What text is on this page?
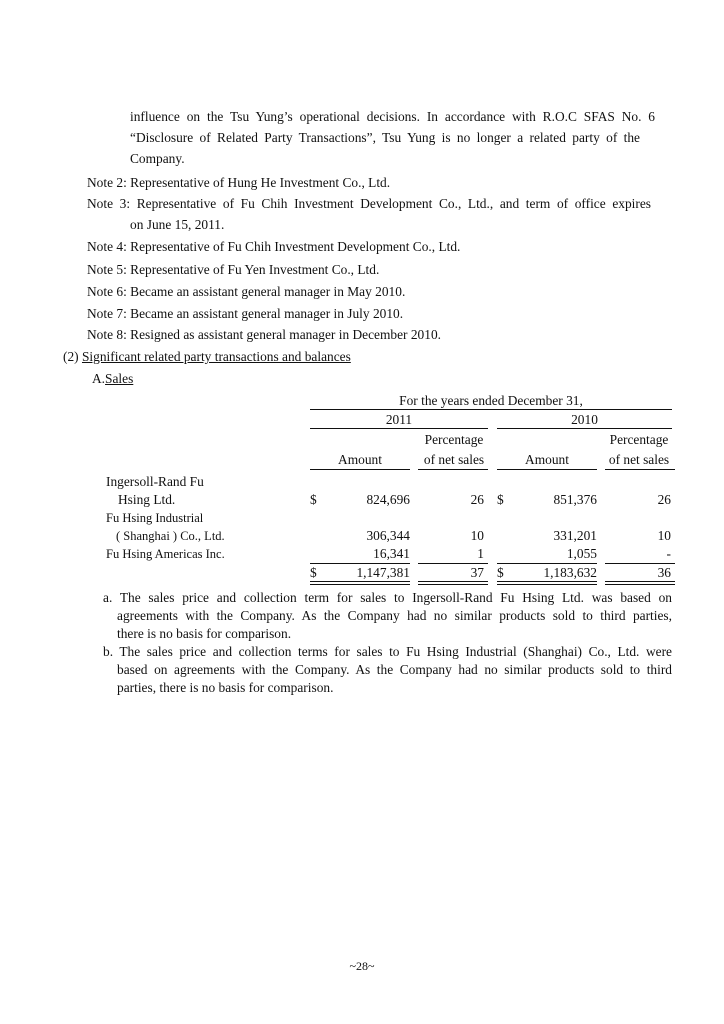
influence on the Tsu Yung’s operational decisions. In accordance with R.O.C SFAS No. 6
“Disclosure of Related Party Transactions”, Tsu Yung is no longer a related party of the
Company.
Note 2: Representative of Hung He Investment Co., Ltd.
Note 3: Representative of Fu Chih Investment Development Co., Ltd., and term of office expires
on June 15, 2011.
Note 4: Representative of Fu Chih Investment Development Co., Ltd.
Note 5: Representative of Fu Yen Investment Co., Ltd.
Note 6: Became an assistant general manager in May 2010.
Note 7: Became an assistant general manager in July 2010.
Note 8: Resigned as assistant general manager in December 2010.
(2) Significant related party transactions and balances
A.Sales
For the years ended December 31,
2011	2010
Percentage	Percentage
Amount	of net sales	Amount	of net sales
Ingersoll-Rand Fu
Hsing Ltd.	$	824,696	26 $	851,376	26
Fu Hsing Industrial
( Shanghai ) Co., Ltd.	306,344	10	331,201	10
Fu Hsing Americas Inc.	16,341	1	1,055	-
$	1,147,381	37 $	1,183,632	36
a. The sales price and collection term for sales to Ingersoll-Rand Fu Hsing Ltd. was based on
agreements with the Company. As the Company had no similar products sold to third parties,
there is no basis for comparison.
b. The sales price and collection terms for sales to Fu Hsing Industrial (Shanghai) Co., Ltd. were
based on agreements with the Company. As the Company had no similar products sold to third
parties, there is no basis for comparison.
~28~
